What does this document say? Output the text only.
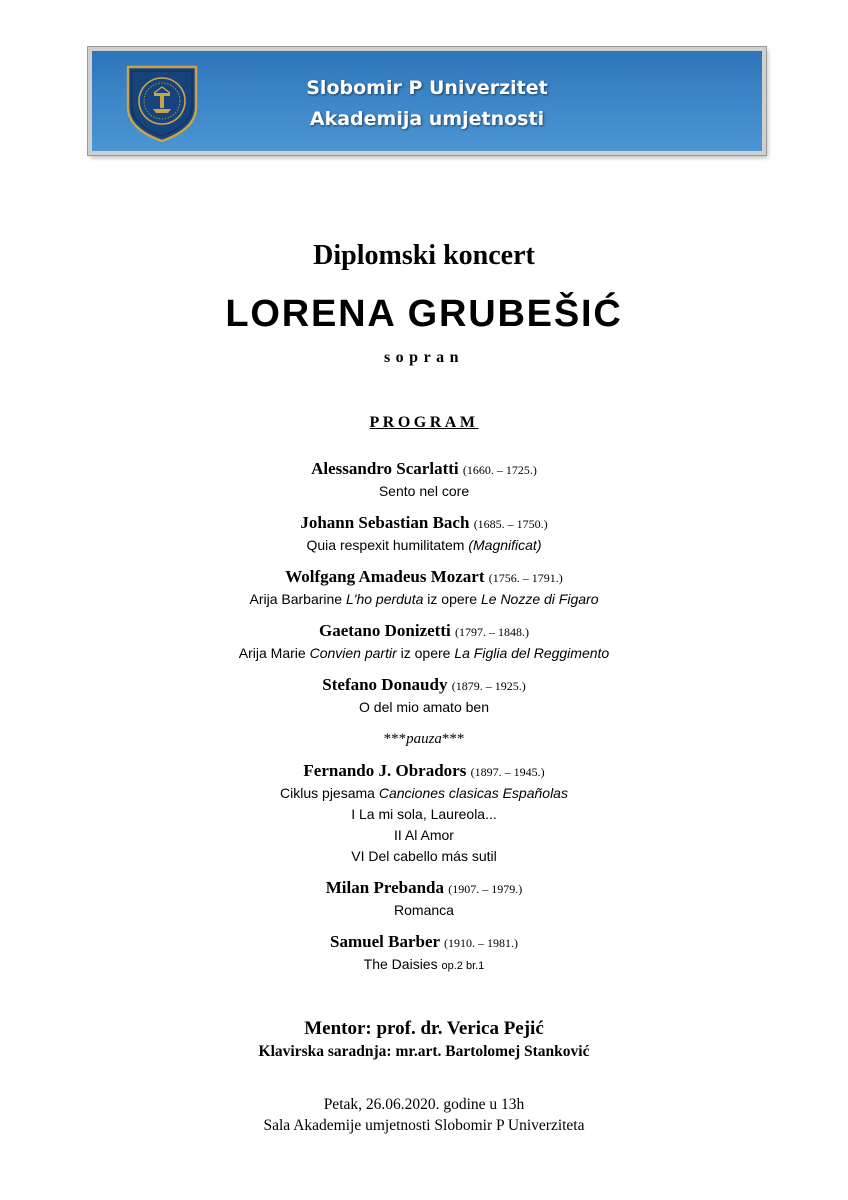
Slobomir P Univerzitet
Akademija umjetnosti
Diplomski koncert
LORENA GRUBEŠIĆ
sopran
PROGRAM
Alessandro Scarlatti (1660. – 1725.)
Sento nel core
Johann Sebastian Bach (1685. – 1750.)
Quia respexit humilitatem (Magnificat)
Wolfgang Amadeus Mozart (1756. – 1791.)
Arija Barbarine L'ho perduta iz opere Le Nozze di Figaro
Gaetano Donizetti (1797. – 1848.)
Arija Marie Convien partir iz opere La Figlia del Reggimento
Stefano Donaudy (1879. – 1925.)
O del mio amato ben
***pauza***
Fernando J. Obradors (1897. – 1945.)
Ciklus pjesama Canciones clasicas Españolas
I La mi sola, Laureola...
II Al Amor
VI Del cabello más sutil
Milan Prebanda (1907. – 1979.)
Romanca
Samuel Barber (1910. – 1981.)
The Daisies op.2 br.1
Mentor: prof. dr. Verica Pejić
Klavirska saradnja: mr.art. Bartolomej Stanković
Petak, 26.06.2020. godine u 13h
Sala Akademije umjetnosti Slobomir P Univerziteta
